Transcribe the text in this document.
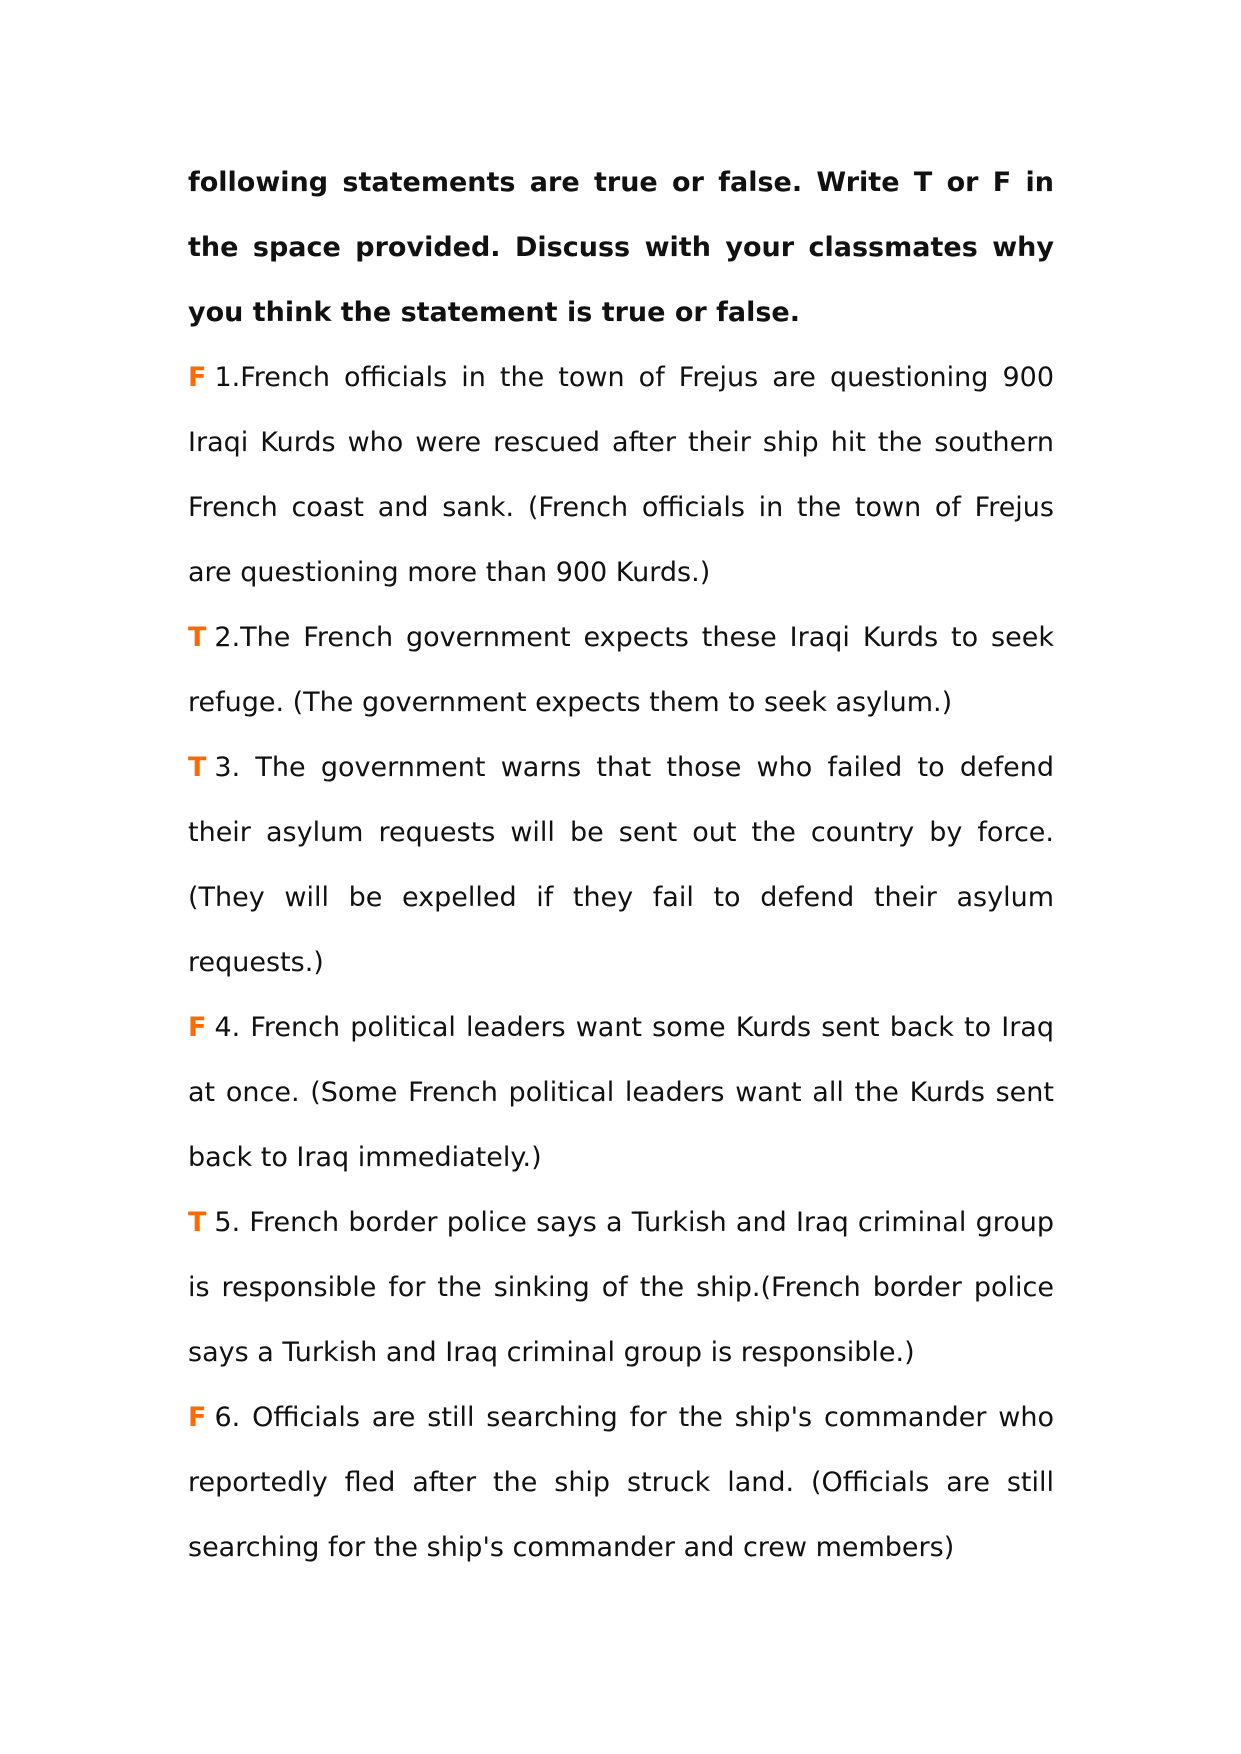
following statements are true or false. Write T or F in the space provided. Discuss with your classmates why you think the statement is true or false.

F 1.French officials in the town of Frejus are questioning 900 Iraqi Kurds who were rescued after their ship hit the southern French coast and sank. (French officials in the town of Frejus are questioning more than 900 Kurds.)

T 2.The French government expects these Iraqi Kurds to seek refuge. (The government expects them to seek asylum.)

T 3. The government warns that those who failed to defend their asylum requests will be sent out the country by force. (They will be expelled if they fail to defend their asylum requests.)

F 4. French political leaders want some Kurds sent back to Iraq at once. (Some French political leaders want all the Kurds sent back to Iraq immediately.)

T 5. French border police says a Turkish and Iraq criminal group is responsible for the sinking of the ship.(French border police says a Turkish and Iraq criminal group is responsible.)

F 6. Officials are still searching for the ship's commander who reportedly fled after the ship struck land. (Officials are still searching for the ship's commander and crew members)
